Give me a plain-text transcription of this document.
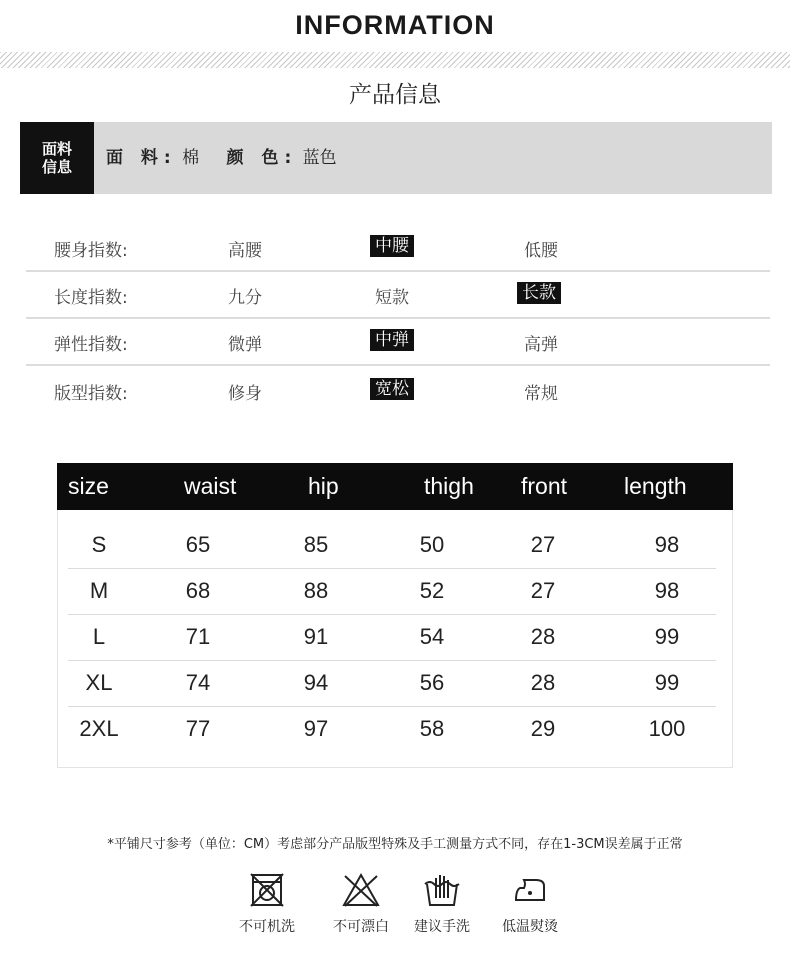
INFORMATION
产品信息
面料
信息 面 料: 棉 颜 色: 蓝色
腰身指数:	高腰	中腰	低腰
长度指数:	九分	短款	长款
弹性指数:	微弹	中弹	高弹
版型指数:	修身	宽松	常规
size	waist	hip	thigh front length
S	65	85	50	27	98
M	68	88	52	27	98
L	71	91	54	28	99
XL	74	94	56	28	99
2XL	77	97	58	29	100
*平铺尺寸参考（单位：CM）考虑部分产品版型特殊及手工测量方式不同，存在1-3CM误差属于正常
不可机洗	不可漂白	建议手洗	低温熨烫
